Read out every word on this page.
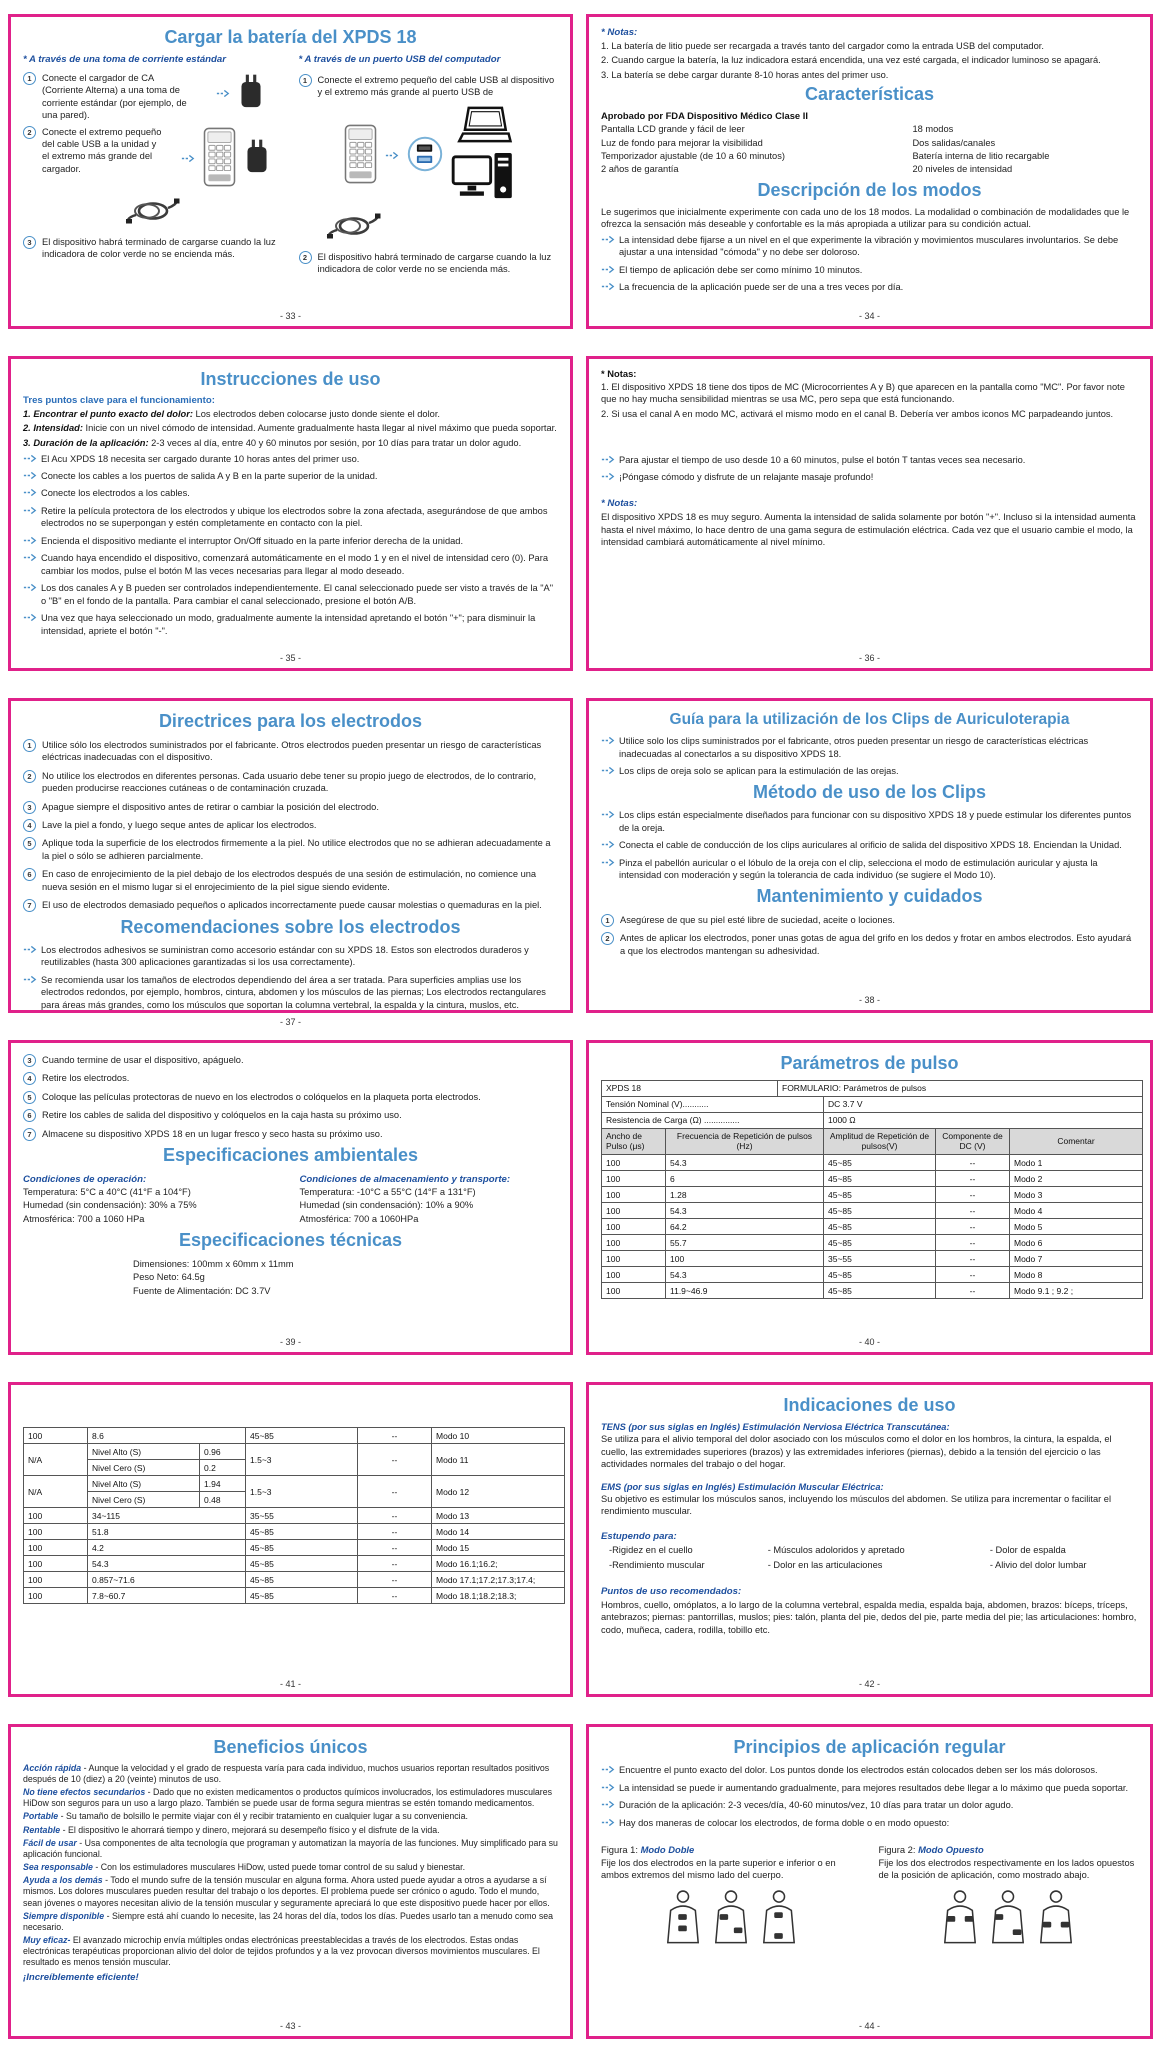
Cargar la batería del XPDS 18
* A través de una toma de corriente estándar
1	Conecte el cargador de CA (Corriente Alterna) a una toma de corriente estándar (por ejemplo, de una pared).
2	Conecte el extremo pequeño del cable USB a la unidad y el extremo más grande del cargador.
3	El dispositivo habrá terminado de cargarse cuando la luz indicadora de color verde no se encienda más.
* A través de un puerto USB del computador
1	Conecte el extremo pequeño del cable USB al dispositivo y el extremo más grande al puerto USB de
2	El dispositivo habrá terminado de cargarse cuando la luz indicadora de color verde no se encienda más.
- 33 -
* Notas:
1. La batería de litio puede ser recargada a través tanto del cargador como la entrada USB del computador.
2. Cuando cargue la batería, la luz indicadora estará encendida, una vez esté cargada, el indicador luminoso se apagará.
3. La batería se debe cargar durante 8-10 horas antes del primer uso.
Características
Aprobado por FDA Dispositivo Médico Clase II
Pantalla LCD grande y fácil de leer	18 modos
Luz de fondo para mejorar la visibilidad	Dos salidas/canales
Temporizador ajustable (de 10 a 60 minutos)	Batería interna de litio recargable
2 años de garantía	20 niveles de intensidad
Descripción de los modos
Le sugerimos que inicialmente experimente con cada uno de los 18 modos. La modalidad o combinación de modalidades que le ofrezca la sensación más deseable y confortable es la más apropiada a utilizar para su condición actual.
La intensidad debe fijarse a un nivel en el que experimente la vibración y movimientos musculares involuntarios. Se debe ajustar a una intensidad "cómoda" y no debe ser doloroso.
El tiempo de aplicación debe ser como mínimo 10 minutos.
La frecuencia de la aplicación puede ser de una a tres veces por día.
- 34 -
Instrucciones de uso
Tres puntos clave para el funcionamiento:
1. Encontrar el punto exacto del dolor: Los electrodos deben colocarse justo donde siente el dolor.
2. Intensidad: Inicie con un nivel cómodo de intensidad. Aumente gradualmente hasta llegar al nivel máximo que pueda soportar.
3. Duración de la aplicación: 2-3 veces al día, entre 40 y 60 minutos por sesión, por 10 días para tratar un dolor agudo.
El Acu XPDS 18 necesita ser cargado durante 10 horas antes del primer uso.
Conecte los cables a los puertos de salida A y B en la parte superior de la unidad.
Conecte los electrodos a los cables.
Retire la película protectora de los electrodos y ubique los electrodos sobre la zona afectada, asegurándose de que ambos electrodos no se superpongan y estén completamente en contacto con la piel.
Encienda el dispositivo mediante el interruptor On/Off situado en la parte inferior derecha de la unidad.
Cuando haya encendido el dispositivo, comenzará automáticamente en el modo 1 y en el nivel de intensidad cero (0). Para cambiar los modos, pulse el botón M las veces necesarias para llegar al modo deseado.
Los dos canales A y B pueden ser controlados independientemente. El canal seleccionado puede ser visto a través de la "A" o "B" en el fondo de la pantalla. Para cambiar el canal seleccionado, presione el botón A/B.
Una vez que haya seleccionado un modo, gradualmente aumente la intensidad apretando el botón "+"; para disminuir la intensidad, apriete el botón "-".
- 35 -
* Notas:
1. El dispositivo XPDS 18 tiene dos tipos de MC (Microcorrientes A y B) que aparecen en la pantalla como "MC". Por favor note que no hay mucha sensibilidad mientras se usa MC, pero sepa que está funcionando.
2. Si usa el canal A en modo MC, activará el mismo modo en el canal B. Debería ver ambos iconos MC parpadeando juntos.
Para ajustar el tiempo de uso desde 10 a 60 minutos, pulse el botón T tantas veces sea necesario.
¡Póngase cómodo y disfrute de un relajante masaje profundo!
* Notas:
El dispositivo XPDS 18 es muy seguro. Aumenta la intensidad de salida solamente por botón "+". Incluso si la intensidad aumenta hasta el nivel máximo, lo hace dentro de una gama segura de estimulación eléctrica. Cada vez que el usuario cambie el modo, la intensidad cambiará automáticamente al nivel mínimo.
- 36 -
Directrices para los electrodos
1	Utilice sólo los electrodos suministrados por el fabricante. Otros electrodos pueden presentar un riesgo de características eléctricas inadecuadas con el dispositivo.
2	No utilice los electrodos en diferentes personas. Cada usuario debe tener su propio juego de electrodos, de lo contrario, pueden producirse reacciones cutáneas o de contaminación cruzada.
3	Apague siempre el dispositivo antes de retirar o cambiar la posición del electrodo.
4	Lave la piel a fondo, y luego seque antes de aplicar los electrodos.
5	Aplique toda la superficie de los electrodos firmemente a la piel. No utilice electrodos que no se adhieran adecuadamente a la piel o sólo se adhieren parcialmente.
6	En caso de enrojecimiento de la piel debajo de los electrodos después de una sesión de estimulación, no comience una nueva sesión en el mismo lugar si el enrojecimiento de la piel sigue siendo evidente.
7	El uso de electrodos demasiado pequeños o aplicados incorrectamente puede causar molestias o quemaduras en la piel.
Recomendaciones sobre los electrodos
Los electrodos adhesivos se suministran como accesorio estándar con su XPDS 18. Estos son electrodos duraderos y reutilizables (hasta 300 aplicaciones garantizadas si los usa correctamente).
Se recomienda usar los tamaños de electrodos dependiendo del área a ser tratada. Para superficies amplias use los electrodos redondos, por ejemplo, hombros, cintura, abdomen y los músculos de las piernas; Los electrodos rectangulares para áreas más grandes, como los músculos que soportan la columna vertebral, la espalda y la cintura, muslos, etc.
- 37 -
Guía para la utilización de los Clips de Auriculoterapia
Utilice solo los clips suministrados por el fabricante, otros pueden presentar un riesgo de características eléctricas inadecuadas al conectarlos a su dispositivo XPDS 18.
Los clips de oreja solo se aplican para la estimulación de las orejas.
Método de uso de los Clips
Los clips están especialmente diseñados para funcionar con su dispositivo XPDS 18 y puede estimular los diferentes puntos de la oreja.
Conecta el cable de conducción de los clips auriculares al orificio de salida del dispositivo XPDS 18. Enciendan la Unidad.
Pinza el pabellón auricular o el lóbulo de la oreja con el clip, selecciona el modo de estimulación auricular y ajusta la intensidad con moderación y según la tolerancia de cada individuo (se sugiere el Modo 10).
Mantenimiento y cuidados
1	Asegúrese de que su piel esté libre de suciedad, aceite o lociones.
2	Antes de aplicar los electrodos, poner unas gotas de agua del grifo en los dedos y frotar en ambos electrodos. Esto ayudará a que los electrodos mantengan su adhesividad.
- 38 -
3	Cuando termine de usar el dispositivo, apáguelo.
4	Retire los electrodos.
5	Coloque las películas protectoras de nuevo en los electrodos o colóquelos en la plaqueta porta electrodos.
6	Retire los cables de salida del dispositivo y colóquelos en la caja hasta su próximo uso.
7	Almacene su dispositivo XPDS 18 en un lugar fresco y seco hasta su próximo uso.
Especificaciones ambientales
Condiciones de operación:
Temperatura: 5°C a 40°C (41°F a 104°F)
Humedad (sin condensación): 30% a 75%
Atmosférica: 700 a 1060 HPa
Condiciones de almacenamiento y transporte:
Temperatura: -10°C a 55°C (14°F a 131°F)
Humedad (sin condensación): 10% a 90%
Atmosférica: 700 a 1060HPa
Especificaciones técnicas
Dimensiones: 100mm x 60mm x 11mm
Peso Neto: 64.5g
Fuente de Alimentación: DC 3.7V
- 39 -
Parámetros de pulso
XPDS 18		FORMULARIO: Parámetros de pulsos			
Tensión Nominal (V)...........			DC 3.7 V		
Resistencia de Carga (Ω) ...............			1000 Ω		
Ancho de Pulso (μs)	Frecuencia de Repetición de pulsos (Hz)		Amplitud de Repetición de pulsos(V)	Componente de DC (V)	Comentar
100	54.3		45~85	--	Modo 1
100	6		45~85	--	Modo 2
100	1.28		45~85	--	Modo 3
100	54.3		45~85	--	Modo 4
100	64.2		45~85	--	Modo 5
100	55.7		45~85	--	Modo 6
100	100		35~55	--	Modo 7
100	54.3		45~85	--	Modo 8
100	11.9~46.9		45~85	--	Modo 9.1 ; 9.2 ;
- 40 -
100	8.6		45~85	--	Modo 10
N/A	Nivel Alto (S)	0.96	1.5~3	--	Modo 11
	Nivel Cero (S)	0.2			
N/A	Nivel Alto (S)	1.94	1.5~3	--	Modo 12
	Nivel Cero (S)	0.48			
100	34~115		35~55	--	Modo 13
100	51.8		45~85	--	Modo 14
100	4.2		45~85	--	Modo 15
100	54.3		45~85	--	Modo 16.1;16.2;
100	0.857~71.6		45~85	--	Modo 17.1;17.2;17.3;17.4;
100	7.8~60.7		45~85	--	Modo 18.1;18.2;18.3;
- 41 -
Indicaciones de uso
TENS (por sus siglas en Inglés) Estimulación Nerviosa Eléctrica Transcutánea:
Se utiliza para el alivio temporal del dolor asociado con los músculos como el dolor en los hombros, la cintura, la espalda, el cuello, las extremidades superiores (brazos) y las extremidades inferiores (piernas), debido a la tensión del ejercicio o las actividades normales del trabajo o del hogar.
EMS (por sus siglas en Inglés) Estimulación Muscular Eléctrica:
Su objetivo es estimular los músculos sanos, incluyendo los músculos del abdomen. Se utiliza para incrementar o facilitar el rendimiento muscular.
Estupendo para:
-Rigidez en el cuello	- Músculos adoloridos y apretado	- Dolor de espalda
-Rendimiento muscular	- Dolor en las articulaciones	- Alivio del dolor lumbar
Puntos de uso recomendados:
Hombros, cuello, omóplatos, a lo largo de la columna vertebral, espalda media, espalda baja, abdomen, brazos: bíceps, tríceps, antebrazos; piernas: pantorrillas, muslos; pies: talón, planta del pie, dedos del pie, parte media del pie; las articulaciones: hombro, codo, muñeca, cadera, rodilla, tobillo etc.
- 42 -
Beneficios únicos
Acción rápida - Aunque la velocidad y el grado de respuesta varía para cada individuo, muchos usuarios reportan resultados positivos después de 10 (diez) a 20 (veinte) minutos de uso.
No tiene efectos secundarios - Dado que no existen medicamentos o productos químicos involucrados, los estimuladores musculares HiDow son seguros para un uso a largo plazo. También se puede usar de forma segura mientras se estén tomando medicamentos.
Portable - Su tamaño de bolsillo le permite viajar con él y recibir tratamiento en cualquier lugar a su conveniencia.
Rentable - El dispositivo le ahorrará tiempo y dinero, mejorará su desempeño físico y el disfrute de la vida.
Fácil de usar - Usa componentes de alta tecnología que programan y automatizan la mayoría de las funciones. Muy simplificado para su aplicación funcional.
Sea responsable - Con los estimuladores musculares HiDow, usted puede tomar control de su salud y bienestar.
Ayuda a los demás - Todo el mundo sufre de la tensión muscular en alguna forma. Ahora usted puede ayudar a otros a ayudarse a sí mismos. Los dolores musculares pueden resultar del trabajo o los deportes. El problema puede ser crónico o agudo. Todo el mundo, sean jóvenes o mayores necesitan alivio de la tensión muscular y seguramente apreciará lo que este dispositivo puede hacer por ellos.
Siempre disponible - Siempre está ahí cuando lo necesite, las 24 horas del día, todos los días. Puedes usarlo tan a menudo como sea necesario.
Muy eficaz- El avanzado microchip envía múltiples ondas electrónicas preestablecidas a través de los electrodos. Estas ondas electrónicas terapéuticas proporcionan alivio del dolor de tejidos profundos y a la vez provocan diversos movimientos musculares. El resultado es menos tensión muscular.
¡Increíblemente eficiente!
- 43 -
Principios de aplicación regular
Encuentre el punto exacto del dolor. Los puntos donde los electrodos están colocados deben ser los más dolorosos.
La intensidad se puede ir aumentando gradualmente, para mejores resultados debe llegar a lo máximo que pueda soportar.
Duración de la aplicación: 2-3 veces/día, 40-60 minutos/vez, 10 días para tratar un dolor agudo.
Hay dos maneras de colocar los electrodos, de forma doble o en modo opuesto:
Figura 1: Modo Doble
Fije los dos electrodos en la parte superior e inferior o en ambos extremos del mismo lado del cuerpo.
Figura 2: Modo Opuesto
Fije los dos electrodos respectivamente en los lados opuestos de la posición de aplicación, como mostrado abajo.
- 44 -
